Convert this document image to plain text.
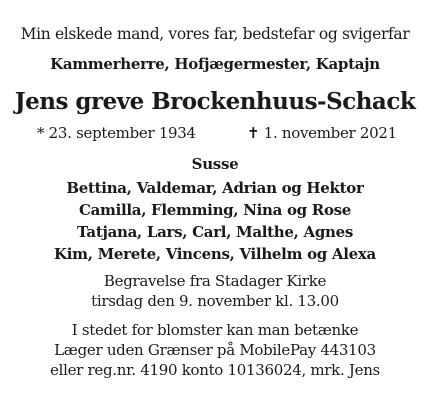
Min elskede mand, vores far, bedstefar og svigerfar
Kammerherre, Hofjægermester, Kaptajn
Jens greve Brockenhuus-Schack
* 23. september 1934	✝ 1. november 2021
Susse
Bettina, Valdemar, Adrian og Hektor
Camilla, Flemming, Nina og Rose
Tatjana, Lars, Carl, Malthe, Agnes
Kim, Merete, Vincens, Vilhelm og Alexa
Begravelse fra Stadager Kirke
tirsdag den 9. november kl. 13.00
I stedet for blomster kan man betænke
Læger uden Grænser på MobilePay 443103
eller reg.nr. 4190 konto 10136024, mrk. Jens
